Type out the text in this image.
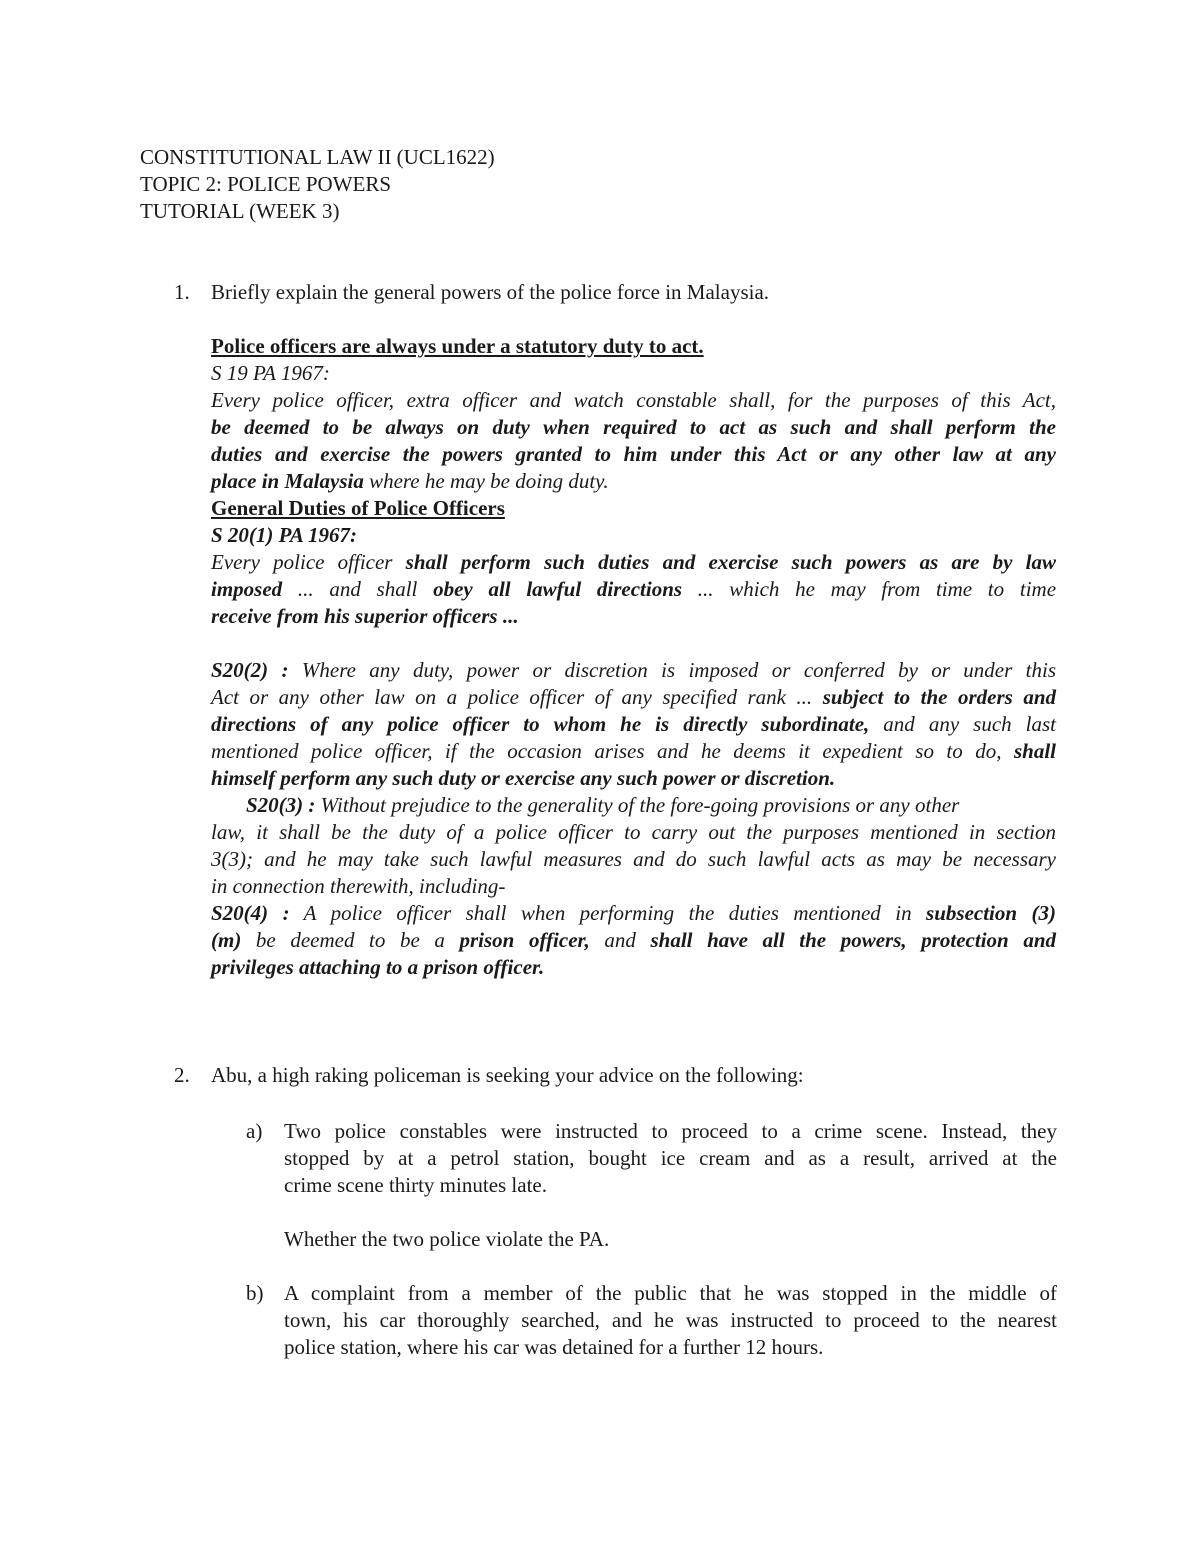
CONSTITUTIONAL LAW II (UCL1622)
TOPIC 2: POLICE POWERS
TUTORIAL (WEEK 3)
1. Briefly explain the general powers of the police force in Malaysia.
Police officers are always under a statutory duty to act.
S 19 PA 1967:
Every police officer, extra officer and watch constable shall, for the purposes of this Act,
be deemed to be always on duty when required to act as such and shall perform the
duties and exercise the powers granted to him under this Act or any other law at any
place in Malaysia where he may be doing duty.
General Duties of Police Officers
S 20(1) PA 1967:
Every police officer shall perform such duties and exercise such powers as are by law
imposed ... and shall obey all lawful directions ... which he may from time to time
receive from his superior officers ...
S20(2) : Where any duty, power or discretion is imposed or conferred by or under this
Act or any other law on a police officer of any specified rank ... subject to the orders and
directions of any police officer to whom he is directly subordinate, and any such last
mentioned police officer, if the occasion arises and he deems it expedient so to do, shall
himself perform any such duty or exercise any such power or discretion.
S20(3) : Without prejudice to the generality of the fore-going provisions or any other
law, it shall be the duty of a police officer to carry out the purposes mentioned in section
3(3); and he may take such lawful measures and do such lawful acts as may be necessary
in connection therewith, including-
S20(4) : A police officer shall when performing the duties mentioned in subsection (3)
(m) be deemed to be a prison officer, and shall have all the powers, protection and
privileges attaching to a prison officer.
2. Abu, a high raking policeman is seeking your advice on the following:
a) Two police constables were instructed to proceed to a crime scene. Instead, they
stopped by at a petrol station, bought ice cream and as a result, arrived at the
crime scene thirty minutes late.
Whether the two police violate the PA.
b) A complaint from a member of the public that he was stopped in the middle of
town, his car thoroughly searched, and he was instructed to proceed to the nearest
police station, where his car was detained for a further 12 hours.
